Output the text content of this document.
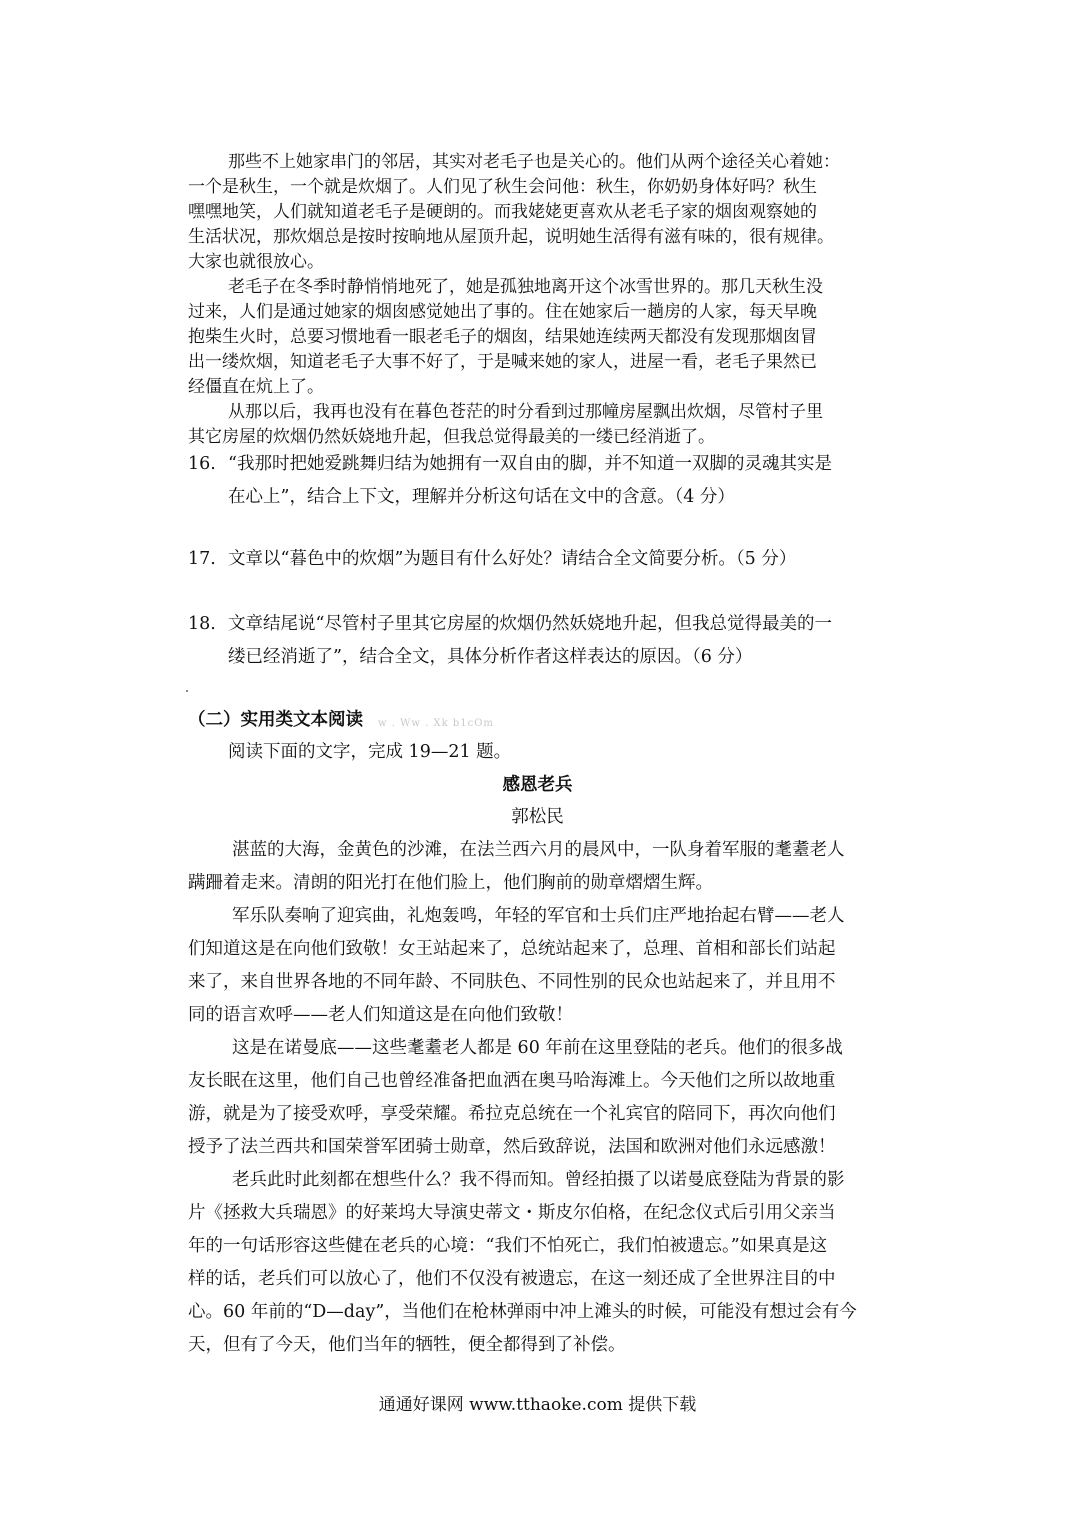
那些不上她家串门的邻居，其实对老毛子也是关心的。他们从两个途径关心着她：
一个是秋生，一个就是炊烟了。人们见了秋生会问他：秋生，你奶奶身体好吗？秋生
嘿嘿地笑，人们就知道老毛子是硬朗的。而我姥姥更喜欢从老毛子家的烟囱观察她的
生活状况，那炊烟总是按时按晌地从屋顶升起，说明她生活得有滋有味的，很有规律。
大家也就很放心。
老毛子在冬季时静悄悄地死了，她是孤独地离开这个冰雪世界的。那几天秋生没
过来，人们是通过她家的烟囱感觉她出了事的。住在她家后一趟房的人家，每天早晚
抱柴生火时，总要习惯地看一眼老毛子的烟囱，结果她连续两天都没有发现那烟囱冒
出一缕炊烟，知道老毛子大事不好了，于是喊来她的家人，进屋一看，老毛子果然已
经僵直在炕上了。
从那以后，我再也没有在暮色苍茫的时分看到过那幢房屋飘出炊烟，尽管村子里
其它房屋的炊烟仍然妖娆地升起，但我总觉得最美的一缕已经消逝了。
16. “我那时把她爱跳舞归结为她拥有一双自由的脚，并不知道一双脚的灵魂其实是
在心上”，结合上下文，理解并分析这句话在文中的含意。（4 分）
17. 文章以“暮色中的炊烟”为题目有什么好处？请结合全文简要分析。（5 分）
18. 文章结尾说“尽管村子里其它房屋的炊烟仍然妖娆地升起，但我总觉得最美的一
缕已经消逝了”，结合全文，具体分析作者这样表达的原因。（6 分）
（二）实用类文本阅读 w . Ww . Xk b1cOm
阅读下面的文字，完成 19—21 题。
感恩老兵
郭松民
湛蓝的大海，金黄色的沙滩，在法兰西六月的晨风中，一队身着军服的耄耋老人
蹒跚着走来。清朗的阳光打在他们脸上，他们胸前的勋章熠熠生辉。
军乐队奏响了迎宾曲，礼炮轰鸣，年轻的军官和士兵们庄严地抬起右臂——老人
们知道这是在向他们致敬！女王站起来了，总统站起来了，总理、首相和部长们站起
来了，来自世界各地的不同年龄、不同肤色、不同性别的民众也站起来了，并且用不
同的语言欢呼——老人们知道这是在向他们致敬！
这是在诺曼底——这些耄耋老人都是 60 年前在这里登陆的老兵。他们的很多战
友长眠在这里，他们自己也曾经准备把血洒在奥马哈海滩上。今天他们之所以故地重
游，就是为了接受欢呼，享受荣耀。希拉克总统在一个礼宾官的陪同下，再次向他们
授予了法兰西共和国荣誉军团骑士勋章，然后致辞说，法国和欧洲对他们永远感激！
老兵此时此刻都在想些什么？我不得而知。曾经拍摄了以诺曼底登陆为背景的影
片《拯救大兵瑞恩》的好莱坞大导演史蒂文・斯皮尔伯格，在纪念仪式后引用父亲当
年的一句话形容这些健在老兵的心境：“我们不怕死亡，我们怕被遗忘。”如果真是这
样的话，老兵们可以放心了，他们不仅没有被遗忘，在这一刻还成了全世界注目的中
心。60 年前的“D—day”，当他们在枪林弹雨中冲上滩头的时候，可能没有想过会有今
天，但有了今天，他们当年的牺牲，便全都得到了补偿。
通通好课网 www.tthaoke.com 提供下载
